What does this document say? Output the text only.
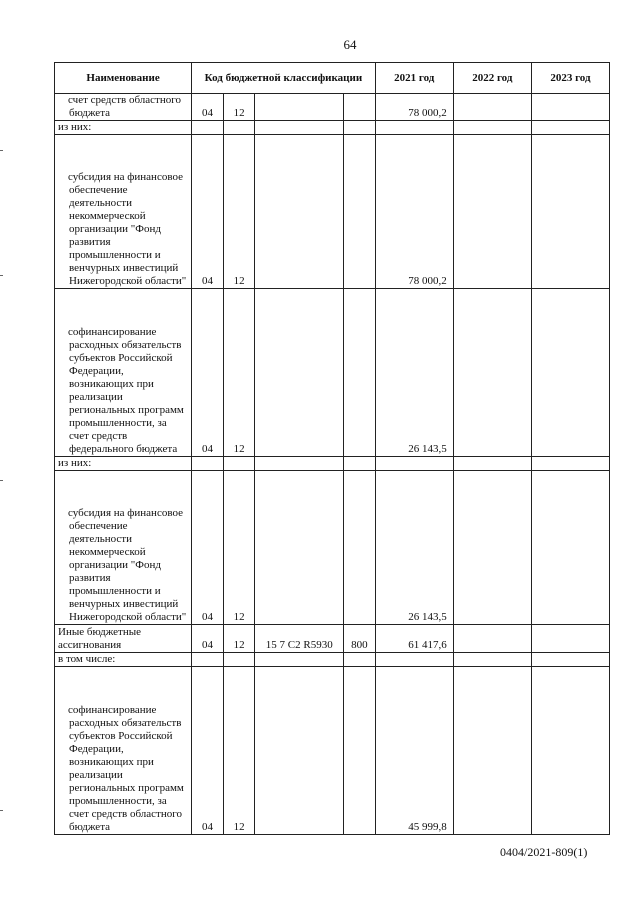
64
Наименование	Код бюджетной классификации				2021 год	2022 год	2023 год
счет средств областного бюджета	04	12			78 000,2		
из них:							
субсидия на финансовое обеспечение деятельности некоммерческой организации "Фонд развития промышленности и венчурных инвестиций Нижегородской области"	04	12			78 000,2		
софинансирование расходных обязательств субъектов Российской Федерации, возникающих при реализации региональных программ промышленности, за счет средств федерального бюджета	04	12			26 143,5		
из них:							
субсидия на финансовое обеспечение деятельности некоммерческой организации "Фонд развития промышленности и венчурных инвестиций Нижегородской области"	04	12			26 143,5		
Иные бюджетные ассигнования	04	12	15 7 С2 R5930	800	61 417,6		
в том числе:							
софинансирование расходных обязательств субъектов Российской Федерации, возникающих при реализации региональных программ промышленности, за счет средств областного бюджета	04	12			45 999,8		
0404/2021-809(1)
